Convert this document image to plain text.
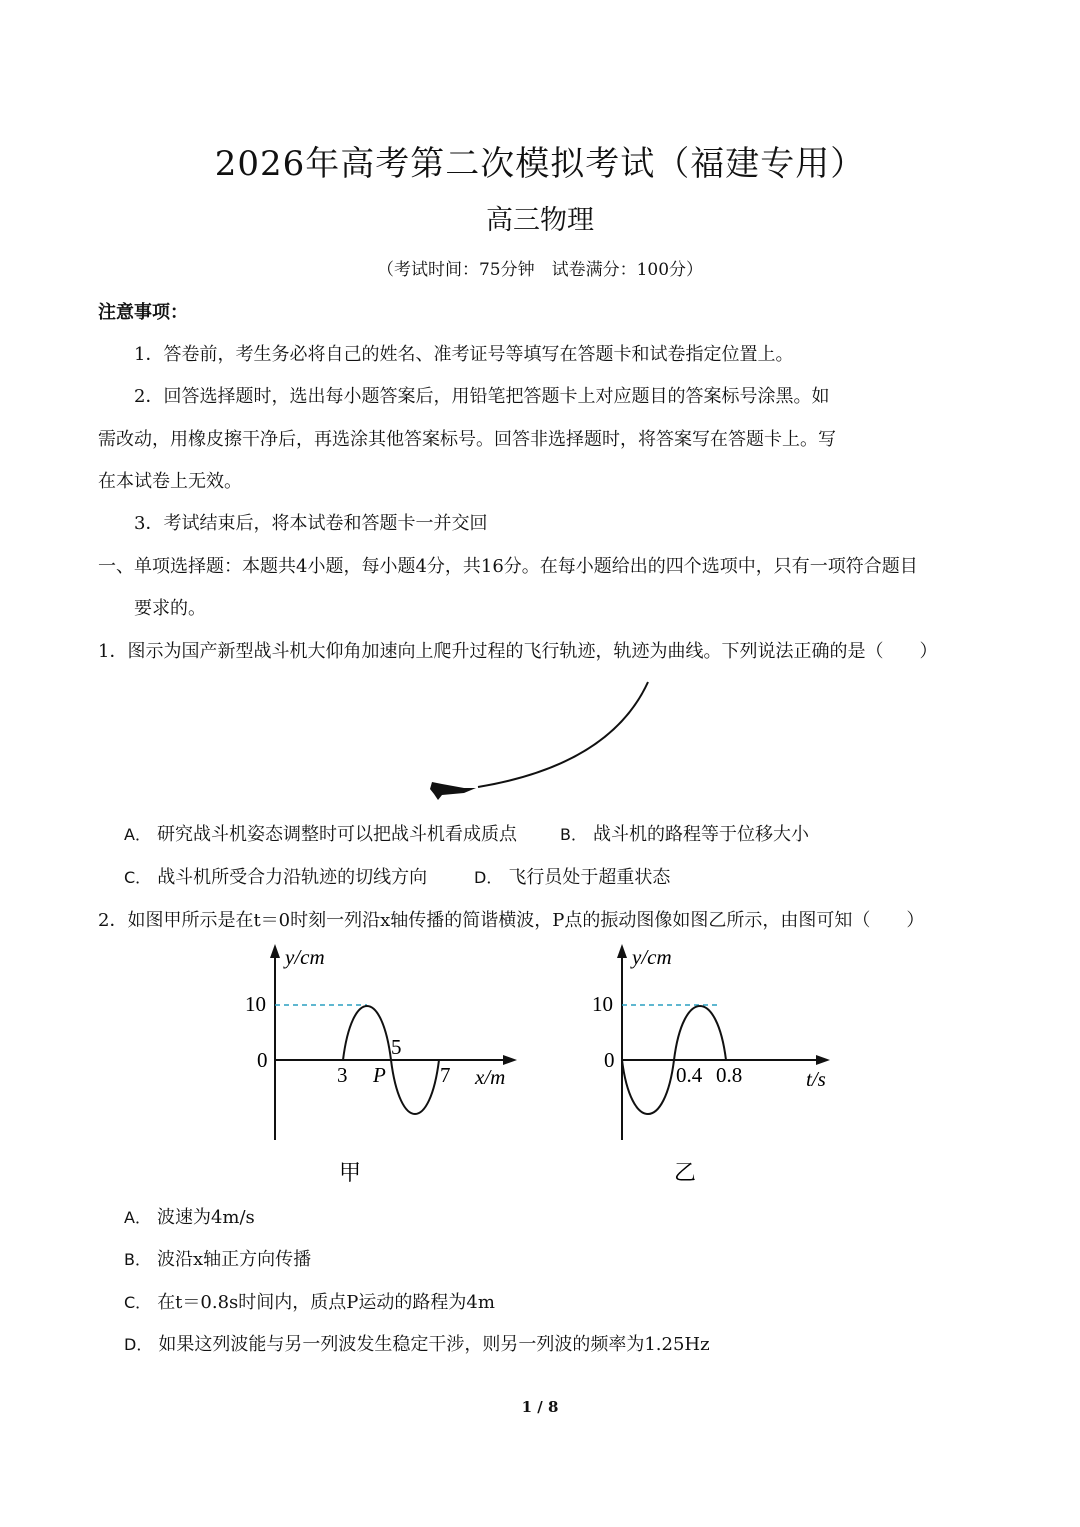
2026年高考第二次模拟考试（福建专用）
高三物理
（考试时间：75分钟　试卷满分：100分）
注意事项：
1．答卷前，考生务必将自己的姓名、准考证号等填写在答题卡和试卷指定位置上。
2．回答选择题时，选出每小题答案后，用铅笔把答题卡上对应题目的答案标号涂黑。如
需改动，用橡皮擦干净后，再选涂其他答案标号。回答非选择题时，将答案写在答题卡上。写
在本试卷上无效。
3．考试结束后，将本试卷和答题卡一并交回
一、单项选择题：本题共4小题，每小题4分，共16分。在每小题给出的四个选项中，只有一项符合题目
要求的。
1．图示为国产新型战斗机大仰角加速向上爬升过程的飞行轨迹，轨迹为曲线。下列说法正确的是（　　）
A． 研究战斗机姿态调整时可以把战斗机看成质点	B． 战斗机的路程等于位移大小
C． 战斗机所受合力沿轨迹的切线方向	D． 飞行员处于超重状态
2．如图甲所示是在t＝0时刻一列沿x轴传播的简谐横波，P点的振动图像如图乙所示，由图可知（　　）
y/cm
10
0
3
5
P	7 x/m
甲
y/cm
10
0
0.4 0.8	t/s
乙
A． 波速为4m/s
B． 波沿x轴正方向传播
C． 在t＝0.8s时间内，质点P运动的路程为4m
D． 如果这列波能与另一列波发生稳定干涉，则另一列波的频率为1.25Hz
1 / 8
